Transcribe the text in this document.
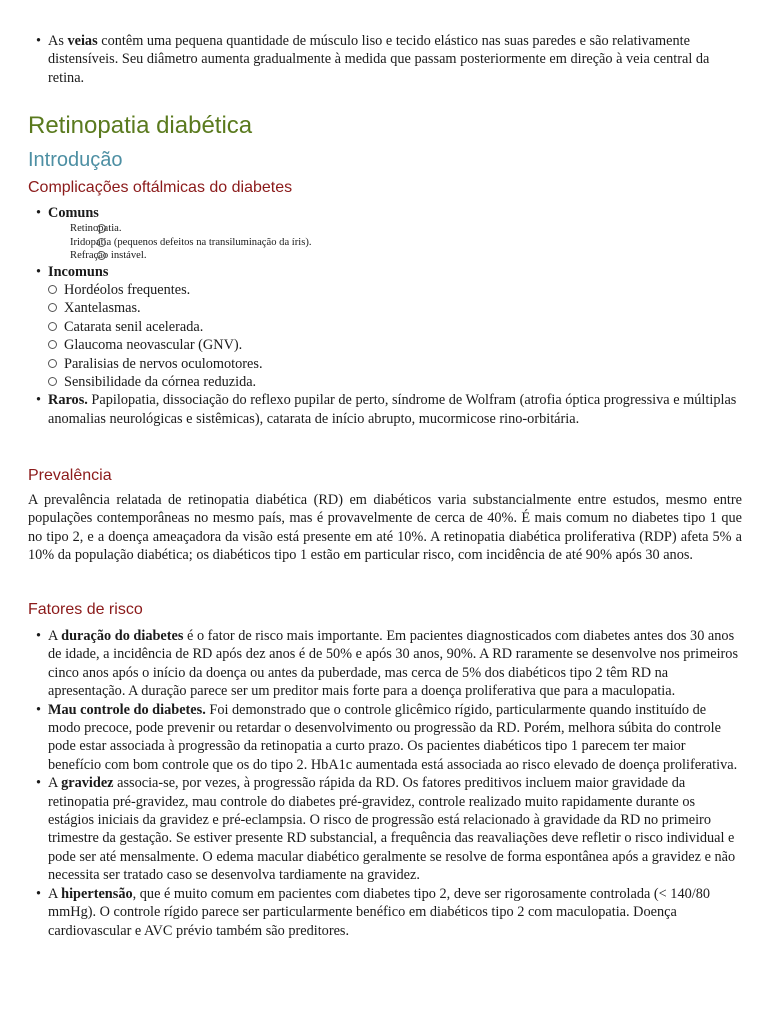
• As veias contêm uma pequena quantidade de músculo liso e tecido elástico nas suas paredes e são relativamente distensíveis. Seu diâmetro aumenta gradualmente à medida que passam posteriormente em direção à veia central da retina.
Retinopatia diabética
Introdução
Complicações oftálmicas do diabetes
• Comuns
Retinopatia.
Iridopatia (pequenos defeitos na transiluminação da íris).
Refração instável.
• Incomuns
Hordéolos frequentes.
Xantelasmas.
Catarata senil acelerada.
Glaucoma neovascular (GNV).
Paralisias de nervos oculomotores.
Sensibilidade da córnea reduzida.
• Raros. Papilopatia, dissociação do reflexo pupilar de perto, síndrome de Wolfram (atrofia óptica progressiva e múltiplas anomalias neurológicas e sistêmicas), catarata de início abrupto, mucormicose rino-orbitária.
Prevalência

A prevalência relatada de retinopatia diabética (RD) em diabéticos varia substancialmente entre estudos, mesmo entre populações contemporâneas no mesmo país, mas é provavelmente de cerca de 40%. É mais comum no diabetes tipo 1 que no tipo 2, e a doença ameaçadora da visão está presente em até 10%. A retinopatia diabética proliferativa (RDP) afeta 5% a 10% da população diabética; os diabéticos tipo 1 estão em particular risco, com incidência de até 90% após 30 anos.

Fatores de risco
• A duração do diabetes é o fator de risco mais importante. Em pacientes diagnosticados com diabetes antes dos 30 anos de idade, a incidência de RD após dez anos é de 50% e após 30 anos, 90%. A RD raramente se desenvolve nos primeiros cinco anos após o início da doença ou antes da puberdade, mas cerca de 5% dos diabéticos tipo 2 têm RD na apresentação. A duração parece ser um preditor mais forte para a doença proliferativa que para a maculopatia.
• Mau controle do diabetes. Foi demonstrado que o controle glicêmico rígido, particularmente quando instituído de modo precoce, pode prevenir ou retardar o desenvolvimento ou progressão da RD. Porém, melhora súbita do controle pode estar associada à progressão da retinopatia a curto prazo. Os pacientes diabéticos tipo 1 parecem ter maior benefício com bom controle que os do tipo 2. HbA1c aumentada está associada ao risco elevado de doença proliferativa.
• A gravidez associa-se, por vezes, à progressão rápida da RD. Os fatores preditivos incluem maior gravidade da retinopatia pré-gravidez, mau controle do diabetes pré-gravidez, controle realizado muito rapidamente durante os estágios iniciais da gravidez e pré-eclampsia. O risco de progressão está relacionado à gravidade da RD no primeiro trimestre da gestação. Se estiver presente RD substancial, a frequência das reavaliações deve refletir o risco individual e pode ser até mensalmente. O edema macular diabético geralmente se resolve de forma espontânea após a gravidez e não necessita ser tratado caso se desenvolva tardiamente na gravidez.
• A hipertensão, que é muito comum em pacientes com diabetes tipo 2, deve ser rigorosamente controlada (< 140/80 mmHg). O controle rígido parece ser particularmente benéfico em diabéticos tipo 2 com maculopatia. Doença cardiovascular e AVC prévio também são preditores.
